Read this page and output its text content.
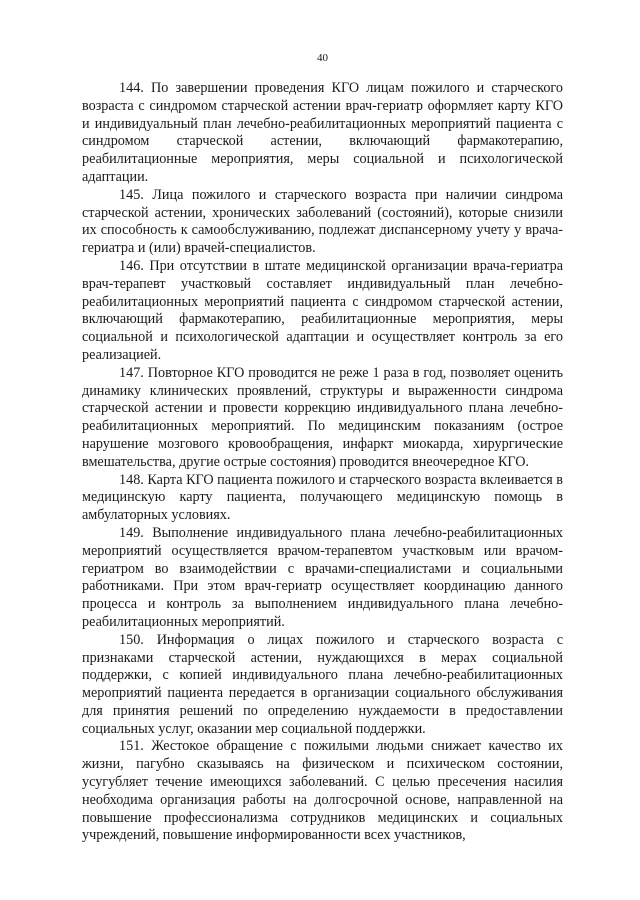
40

144. По завершении проведения КГО лицам пожилого и старческого возраста с синдромом старческой астении врач-гериатр оформляет карту КГО и индивидуальный план лечебно-реабилитационных мероприятий пациента с синдромом старческой астении, включающий фармакотерапию, реабилитационные мероприятия, меры социальной и психологической адаптации.

145. Лица пожилого и старческого возраста при наличии синдрома старческой астении, хронических заболеваний (состояний), которые снизили их способность к самообслуживанию, подлежат диспансерному учету у врача-гериатра и (или) врачей-специалистов.

146. При отсутствии в штате медицинской организации врача-гериатра врач-терапевт участковый составляет индивидуальный план лечебно-реабилитационных мероприятий пациента с синдромом старческой астении, включающий фармакотерапию, реабилитационные мероприятия, меры социальной и психологической адаптации и осуществляет контроль за его реализацией.

147. Повторное КГО проводится не реже 1 раза в год, позволяет оценить динамику клинических проявлений, структуры и выраженности синдрома старческой астении и провести коррекцию индивидуального плана лечебно-реабилитационных мероприятий. По медицинским показаниям (острое нарушение мозгового кровообращения, инфаркт миокарда, хирургические вмешательства, другие острые состояния) проводится внеочередное КГО.

148. Карта КГО пациента пожилого и старческого возраста вклеивается в медицинскую карту пациента, получающего медицинскую помощь в амбулаторных условиях.

149. Выполнение индивидуального плана лечебно-реабилитационных мероприятий осуществляется врачом-терапевтом участковым или врачом-гериатром во взаимодействии с врачами-специалистами и социальными работниками. При этом врач-гериатр осуществляет координацию данного процесса и контроль за выполнением индивидуального плана лечебно-реабилитационных мероприятий.

150. Информация о лицах пожилого и старческого возраста с признаками старческой астении, нуждающихся в мерах социальной поддержки, с копией индивидуального плана лечебно-реабилитационных мероприятий пациента передается в организации социального обслуживания для принятия решений по определению нуждаемости в предоставлении социальных услуг, оказании мер социальной поддержки.

151. Жестокое обращение с пожилыми людьми снижает качество их жизни, пагубно сказываясь на физическом и психическом состоянии, усугубляет течение имеющихся заболеваний. С целью пресечения насилия необходима организация работы на долгосрочной основе, направленной на повышение профессионализма сотрудников медицинских и социальных учреждений, повышение информированности всех участников,
